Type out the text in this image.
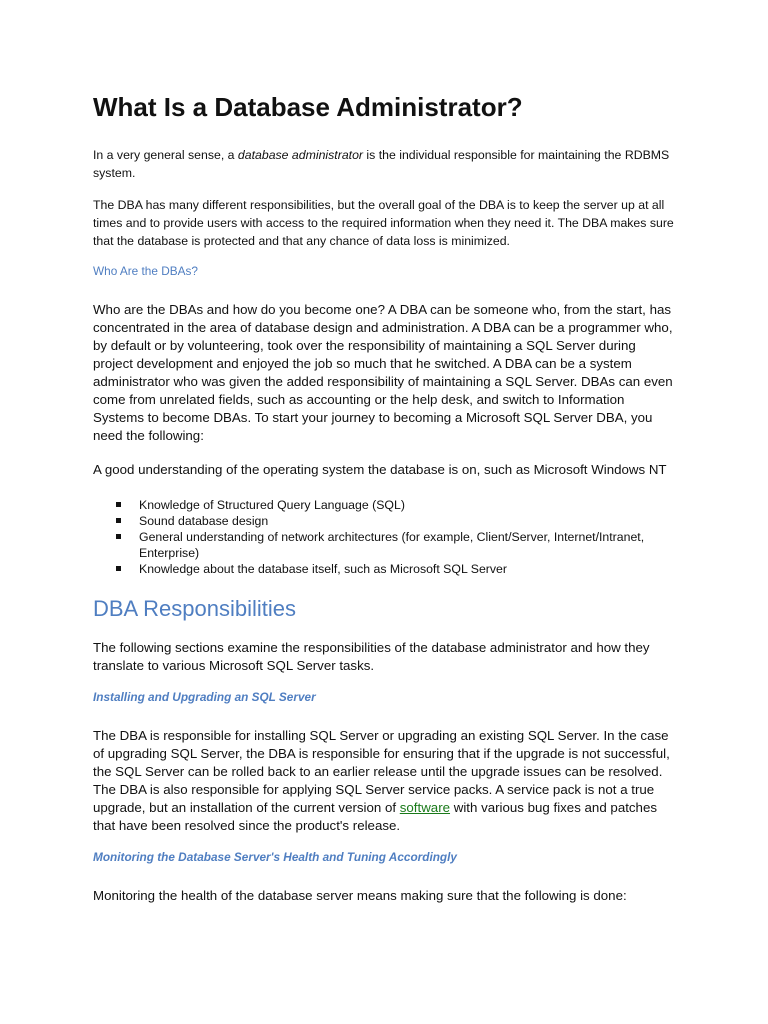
What Is a Database Administrator?

In a very general sense, a database administrator is the individual responsible for maintaining the RDBMS system.

The DBA has many different responsibilities, but the overall goal of the DBA is to keep the server up at all times and to provide users with access to the required information when they need it. The DBA makes sure that the database is protected and that any chance of data loss is minimized.

Who Are the DBAs?

Who are the DBAs and how do you become one? A DBA can be someone who, from the start, has concentrated in the area of database design and administration. A DBA can be a programmer who, by default or by volunteering, took over the responsibility of maintaining a SQL Server during project development and enjoyed the job so much that he switched. A DBA can be a system administrator who was given the added responsibility of maintaining a SQL Server. DBAs can even come from unrelated fields, such as accounting or the help desk, and switch to Information Systems to become DBAs. To start your journey to becoming a Microsoft SQL Server DBA, you need the following:

A good understanding of the operating system the database is on, such as Microsoft Windows NT

Knowledge of Structured Query Language (SQL)
Sound database design
General understanding of network architectures (for example, Client/Server, Internet/Intranet, Enterprise)
Knowledge about the database itself, such as Microsoft SQL Server
DBA Responsibilities

The following sections examine the responsibilities of the database administrator and how they translate to various Microsoft SQL Server tasks.

Installing and Upgrading an SQL Server

The DBA is responsible for installing SQL Server or upgrading an existing SQL Server. In the case of upgrading SQL Server, the DBA is responsible for ensuring that if the upgrade is not successful, the SQL Server can be rolled back to an earlier release until the upgrade issues can be resolved. The DBA is also responsible for applying SQL Server service packs. A service pack is not a true upgrade, but an installation of the current version of software with various bug fixes and patches that have been resolved since the product's release.

Monitoring the Database Server's Health and Tuning Accordingly

Monitoring the health of the database server means making sure that the following is done:
